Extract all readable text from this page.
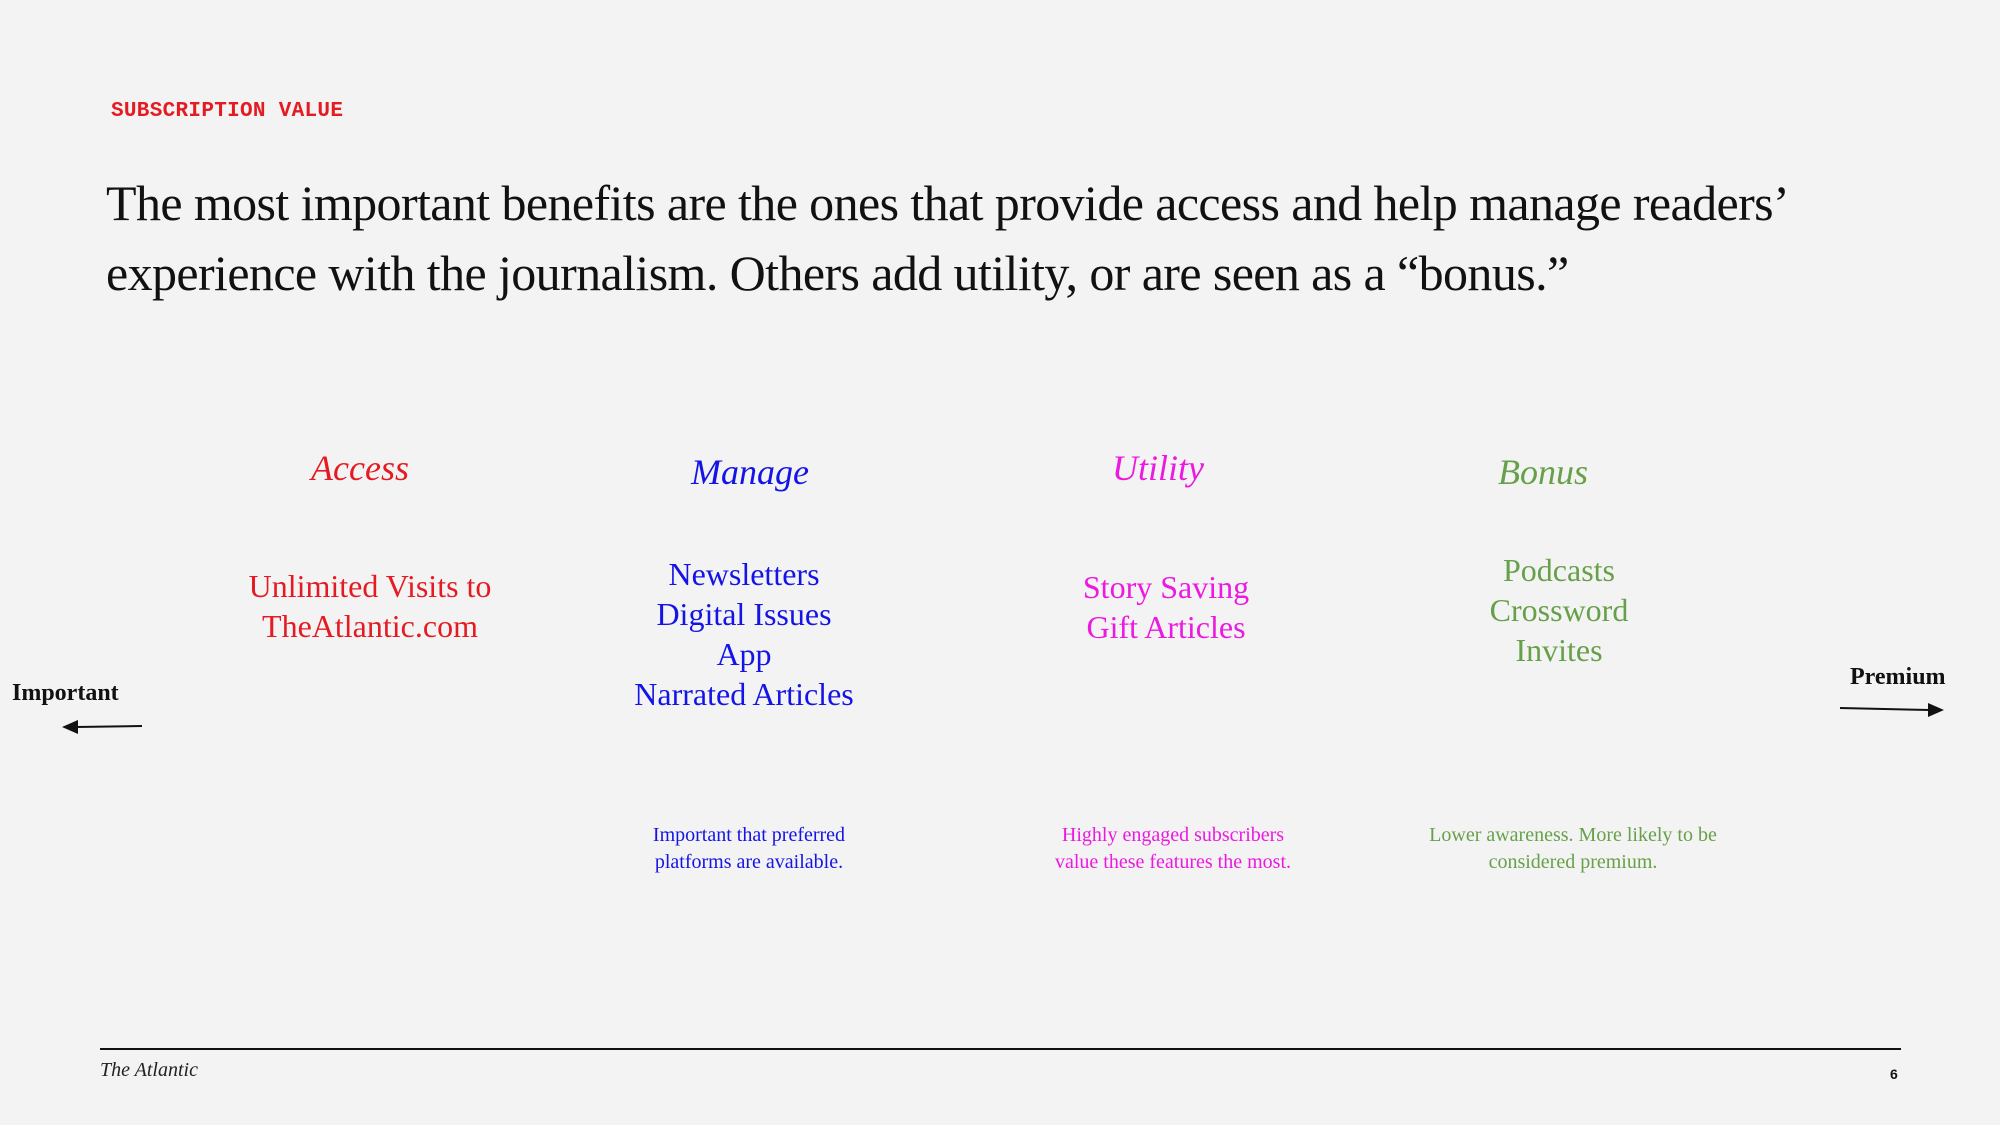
SUBSCRIPTION VALUE
The most important benefits are the ones that provide access and help manage readers’
experience with the journalism. Others add utility, or are seen as a “bonus.”
Access
Unlimited Visits to
TheAtlantic.com
Manage
Newsletters
Digital Issues
App
Narrated Articles
Important that preferred
platforms are available.
Utility
Story Saving
Gift Articles
Highly engaged subscribers
value these features the most.
Bonus
Podcasts
Crossword
Invites
Lower awareness. More likely to be
considered premium.
Important
Premium
The Atlantic	6
